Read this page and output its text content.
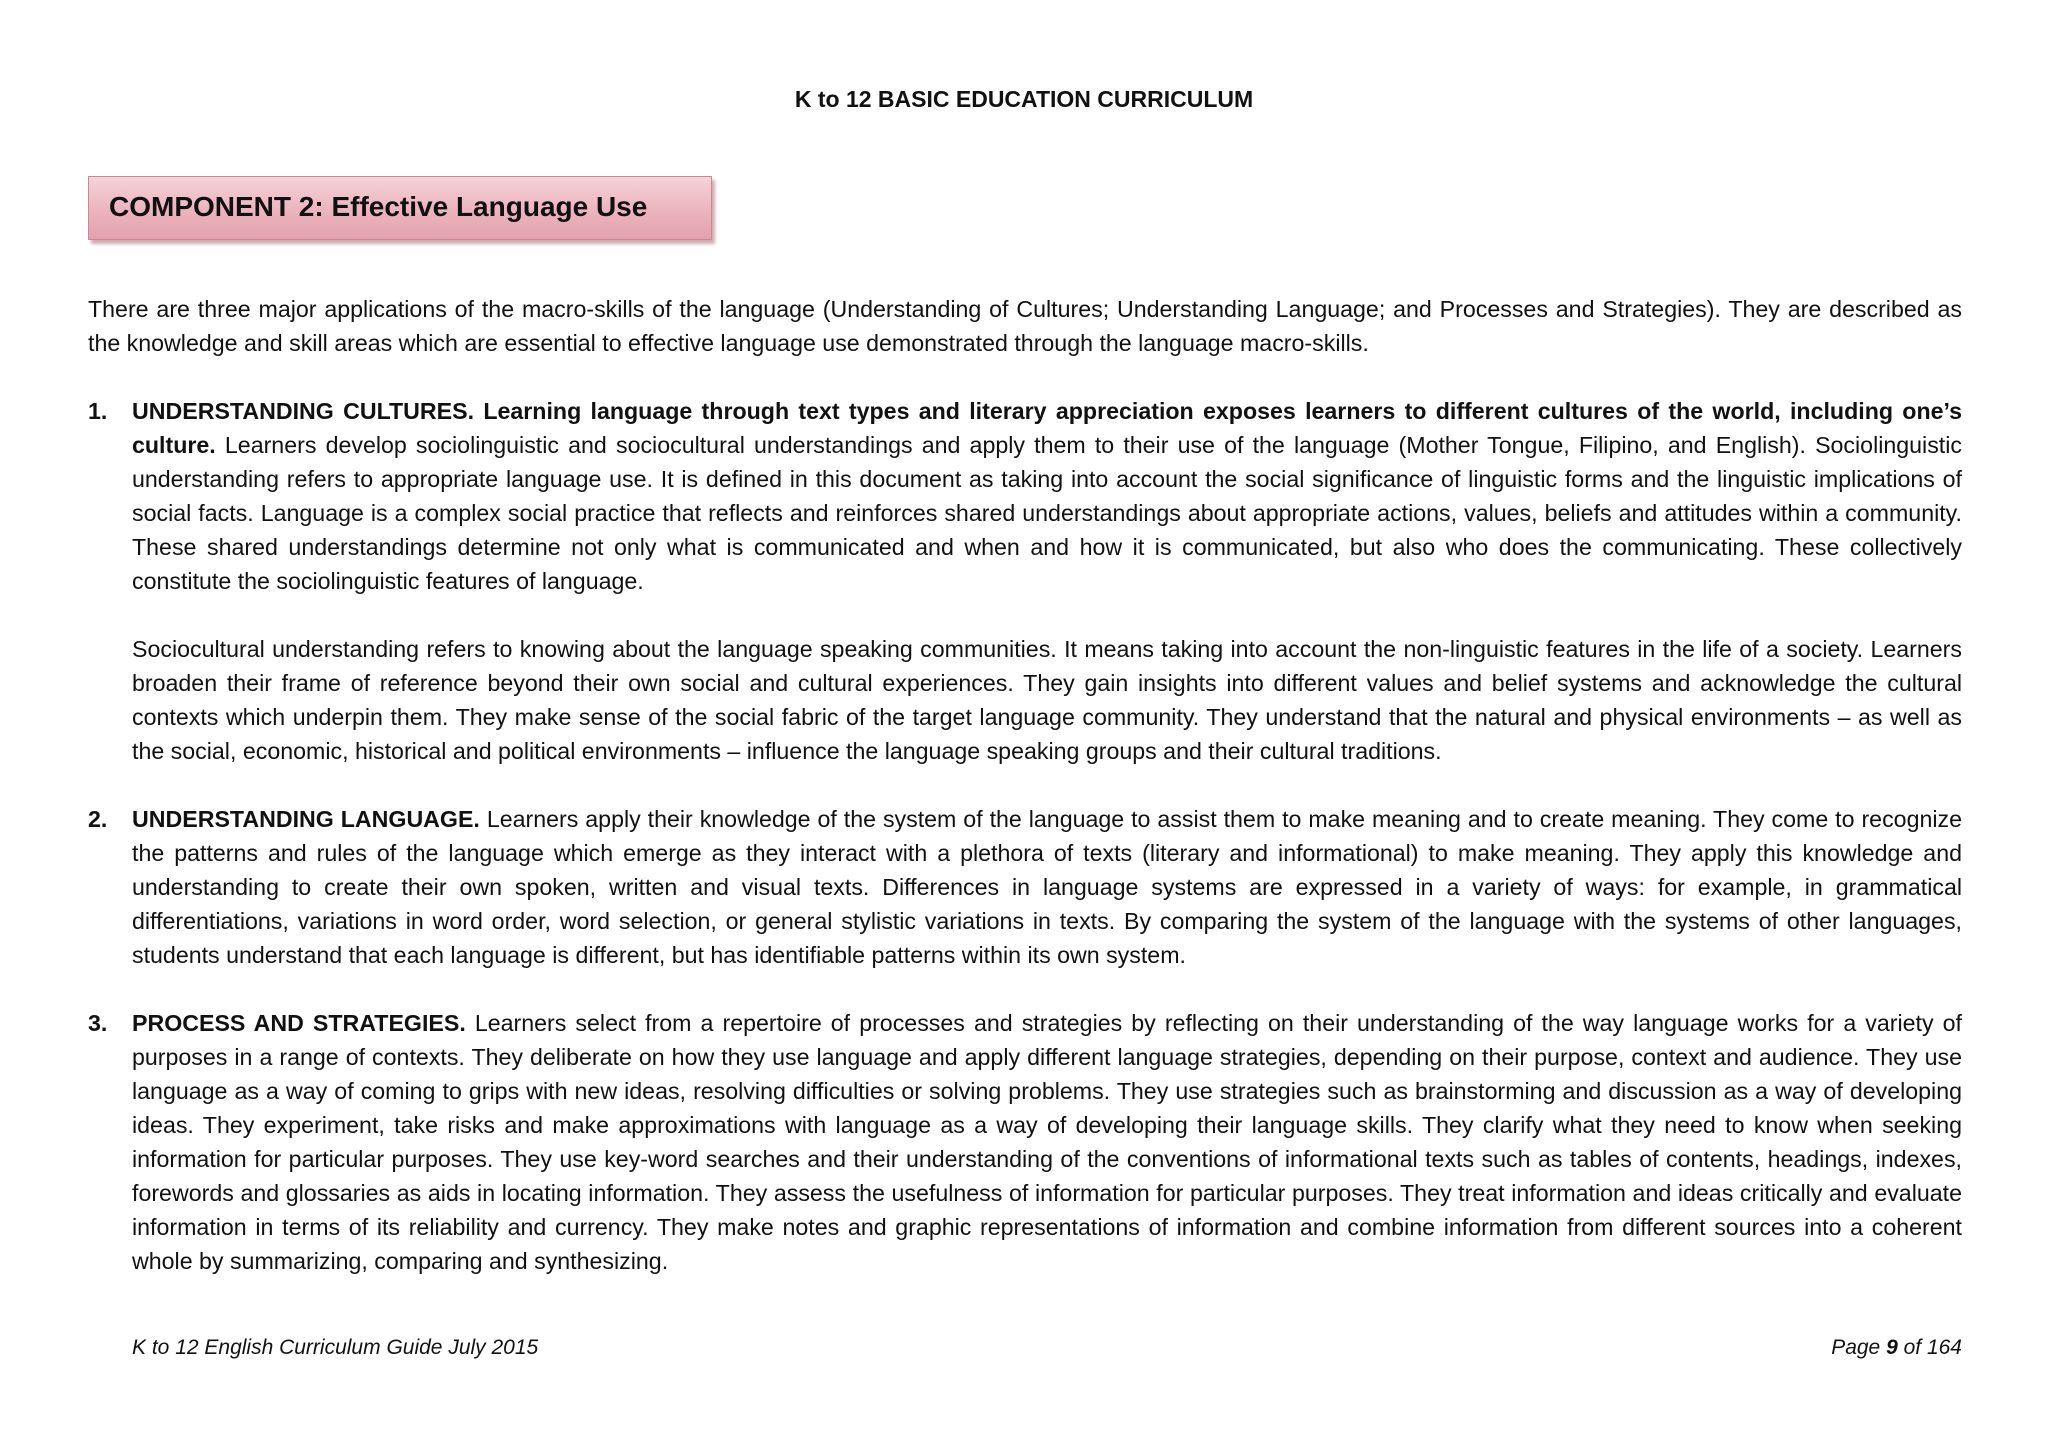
K to 12 BASIC EDUCATION CURRICULUM
COMPONENT 2: Effective Language Use

There are three major applications of the macro-skills of the language (Understanding of Cultures; Understanding Language; and Processes and Strategies). They are described as the knowledge and skill areas which are essential to effective language use demonstrated through the language macro-skills.

1.	UNDERSTANDING CULTURES. Learning language through text types and literary appreciation exposes learners to different cultures of the world, including one’s culture. Learners develop sociolinguistic and sociocultural understandings and apply them to their use of the language (Mother Tongue, Filipino, and English). Sociolinguistic understanding refers to appropriate language use. It is defined in this document as taking into account the social significance of linguistic forms and the linguistic implications of social facts. Language is a complex social practice that reflects and reinforces shared understandings about appropriate actions, values, beliefs and attitudes within a community. These shared understandings determine not only what is communicated and when and how it is communicated, but also who does the communicating. These collectively constitute the sociolinguistic features of language.

Sociocultural understanding refers to knowing about the language speaking communities. It means taking into account the non-linguistic features in the life of a society. Learners broaden their frame of reference beyond their own social and cultural experiences. They gain insights into different values and belief systems and acknowledge the cultural contexts which underpin them. They make sense of the social fabric of the target language community. They understand that the natural and physical environments – as well as the social, economic, historical and political environments – influence the language speaking groups and their cultural traditions.

2.	UNDERSTANDING LANGUAGE. Learners apply their knowledge of the system of the language to assist them to make meaning and to create meaning. They come to recognize the patterns and rules of the language which emerge as they interact with a plethora of texts (literary and informational) to make meaning. They apply this knowledge and understanding to create their own spoken, written and visual texts. Differences in language systems are expressed in a variety of ways: for example, in grammatical differentiations, variations in word order, word selection, or general stylistic variations in texts. By comparing the system of the language with the systems of other languages, students understand that each language is different, but has identifiable patterns within its own system.
3.	PROCESS AND STRATEGIES. Learners select from a repertoire of processes and strategies by reflecting on their understanding of the way language works for a variety of purposes in a range of contexts. They deliberate on how they use language and apply different language strategies, depending on their purpose, context and audience. They use language as a way of coming to grips with new ideas, resolving difficulties or solving problems. They use strategies such as brainstorming and discussion as a way of developing ideas. They experiment, take risks and make approximations with language as a way of developing their language skills. They clarify what they need to know when seeking information for particular purposes. They use key-word searches and their understanding of the conventions of informational texts such as tables of contents, headings, indexes, forewords and glossaries as aids in locating information. They assess the usefulness of information for particular purposes. They treat information and ideas critically and evaluate information in terms of its reliability and currency. They make notes and graphic representations of information and combine information from different sources into a coherent whole by summarizing, comparing and synthesizing.
K to 12 English Curriculum Guide July 2015	Page 9 of 164
